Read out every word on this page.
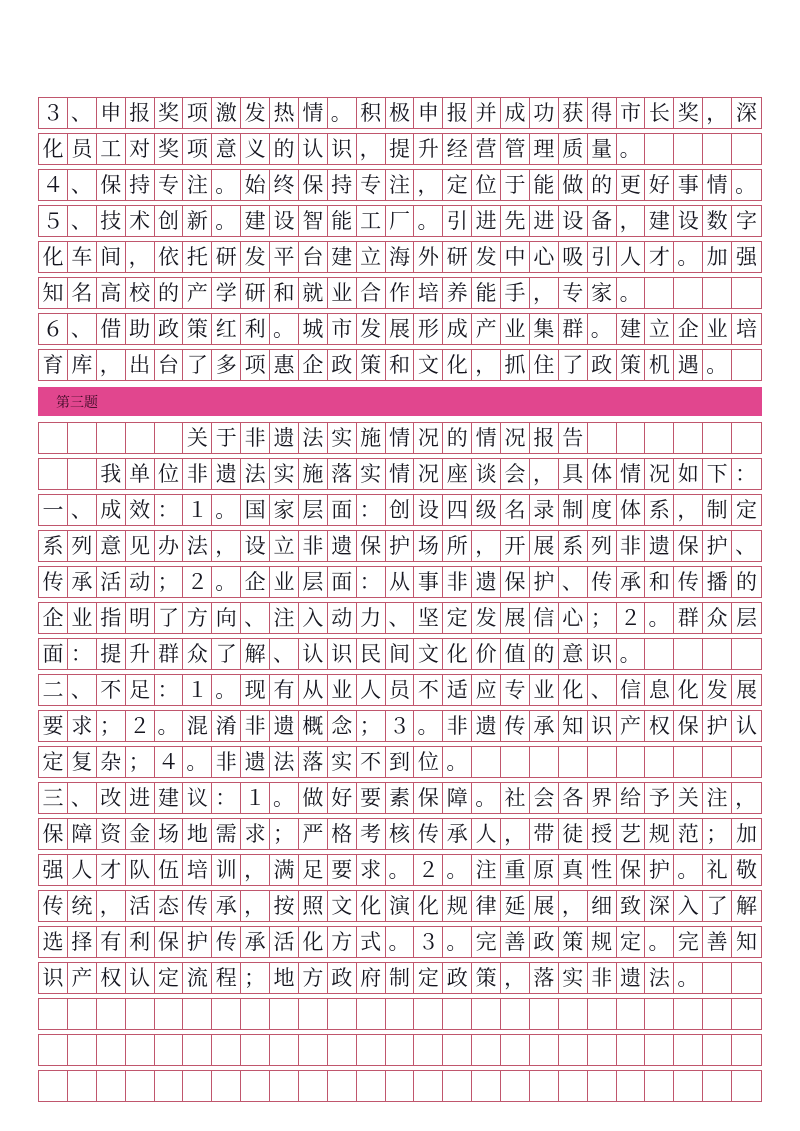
３ 、 申 报 奖 项 激 发 热 情 。 积 极 申 报 并 成 功 获 得 市 长 奖 ， 深
化 员 工 对 奖 项 意 义 的 认 识 ， 提 升 经 营 管 理 质 量 。
４ 、 保 持 专 注 。 始 终 保 持 专 注 ， 定 位 于 能 做 的 更 好 事 情 。
５ 、 技 术 创 新 。 建 设 智 能 工 厂 。 引 进 先 进 设 备 ， 建 设 数 字
化 车 间 ， 依 托 研 发 平 台 建 立 海 外 研 发 中 心 吸 引 人 才 。 加 强
知 名 高 校 的 产 学 研 和 就 业 合 作 培 养 能 手 ， 专 家 。
６ 、 借 助 政 策 红 利 。 城 市 发 展 形 成 产 业 集 群 。 建 立 企 业 培
育 库 ， 出 台 了 多 项 惠 企 政 策 和 文 化 ， 抓 住 了 政 策 机 遇 。
第三题
关 于 非 遗 法 实 施 情 况 的 情 况 报 告
我 单 位 非 遗 法 实 施 落 实 情 况 座 谈 会 ， 具 体 情 况 如 下 ：
一 、 成 效 ： １ 。 国 家 层 面 ： 创 设 四 级 名 录 制 度 体 系 ， 制 定
系 列 意 见 办 法 ， 设 立 非 遗 保 护 场 所 ， 开 展 系 列 非 遗 保 护 、
传 承 活 动 ； ２ 。 企 业 层 面 ： 从 事 非 遗 保 护 、 传 承 和 传 播 的
企 业 指 明 了 方 向 、 注 入 动 力 、 坚 定 发 展 信 心 ； ２ 。 群 众 层
面 ： 提 升 群 众 了 解 、 认 识 民 间 文 化 价 值 的 意 识 。
二 、 不 足 ： １ 。 现 有 从 业 人 员 不 适 应 专 业 化 、 信 息 化 发 展
要 求 ； ２ 。 混 淆 非 遗 概 念 ； ３ 。 非 遗 传 承 知 识 产 权 保 护 认
定 复 杂 ； ４ 。 非 遗 法 落 实 不 到 位 。
三 、 改 进 建 议 ： １ 。 做 好 要 素 保 障 。 社 会 各 界 给 予 关 注 ，
保 障 资 金 场 地 需 求 ； 严 格 考 核 传 承 人 ， 带 徒 授 艺 规 范 ； 加
强 人 才 队 伍 培 训 ， 满 足 要 求 。 ２ 。 注 重 原 真 性 保 护 。 礼 敬
传 统 ， 活 态 传 承 ， 按 照 文 化 演 化 规 律 延 展 ， 细 致 深 入 了 解
选 择 有 利 保 护 传 承 活 化 方 式 。 ３ 。 完 善 政 策 规 定 。 完 善 知
识 产 权 认 定 流 程 ； 地 方 政 府 制 定 政 策 ， 落 实 非 遗 法 。
